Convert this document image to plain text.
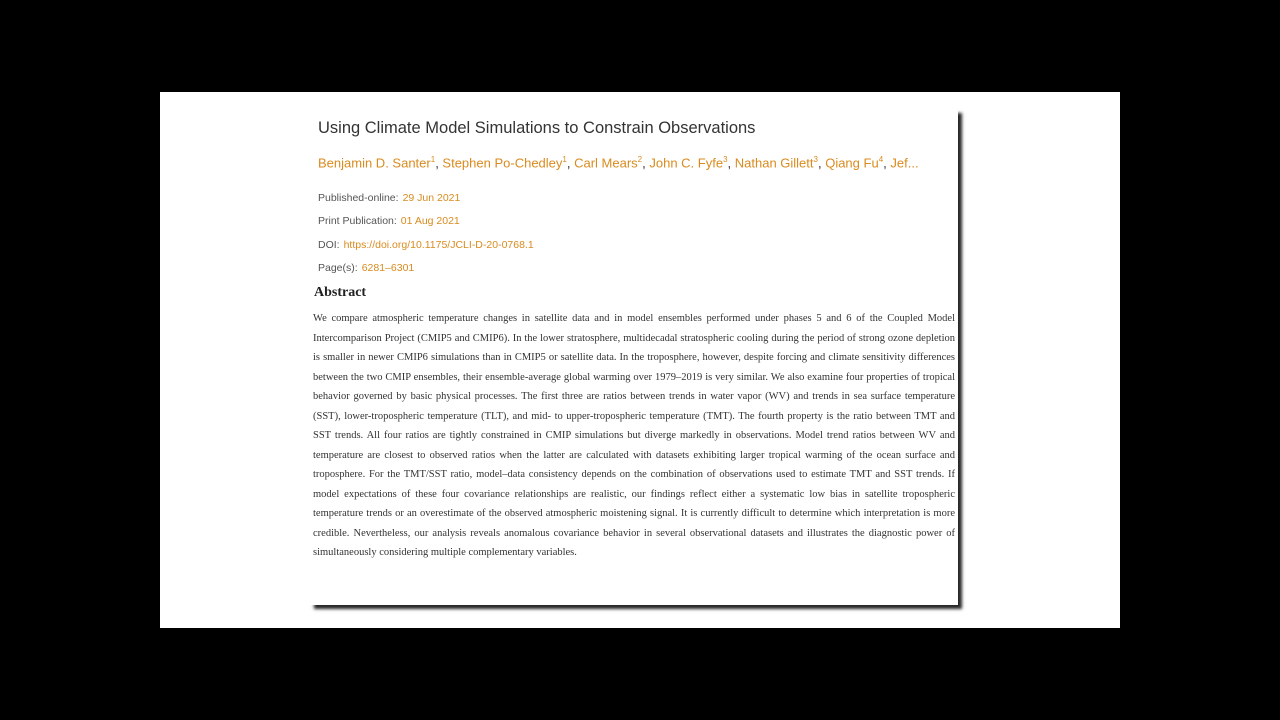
Using Climate Model Simulations to Constrain Observations
Benjamin D. Santer$^1$, Stephen Po-Chedley$^1$, Carl Mears$^2$, John C. Fyfe$^3$, Nathan Gillett$^3$, Qiang Fu$^4$, Jef...
Published-online: 29 Jun 2021
Print Publication: 01 Aug 2021
DOI: https://doi.org/10.1175/JCLI-D-20-0768.1
Page(s): 6281–6301
Abstract
We compare atmospheric temperature changes in satellite data and in model ensembles performed under phases 5 and 6 of the Coupled Model Intercomparison Project (CMIP5 and CMIP6). In the lower stratosphere, multidecadal stratospheric cooling during the period of strong ozone depletion is smaller in newer CMIP6 simulations than in CMIP5 or satellite data. In the troposphere, however, despite forcing and climate sensitivity differences between the two CMIP ensembles, their ensemble-average global warming over 1979–2019 is very similar. We also examine four properties of tropical behavior governed by basic physical processes. The first three are ratios between trends in water vapor (WV) and trends in sea surface temperature (SST), lower-tropospheric temperature (TLT), and mid- to upper-tropospheric temperature (TMT). The fourth property is the ratio between TMT and SST trends. All four ratios are tightly constrained in CMIP simulations but diverge markedly in observations. Model trend ratios between WV and temperature are closest to observed ratios when the latter are calculated with datasets exhibiting larger tropical warming of the ocean surface and troposphere. For the TMT/SST ratio, model–data consistency depends on the combination of observations used to estimate TMT and SST trends. If model expectations of these four covariance relationships are realistic, our findings reflect either a systematic low bias in satellite tropospheric temperature trends or an overestimate of the observed atmospheric moistening signal. It is currently difficult to determine which interpretation is more credible. Nevertheless, our analysis reveals anomalous covariance behavior in several observational datasets and illustrates the diagnostic power of simultaneously considering multiple complementary variables.
